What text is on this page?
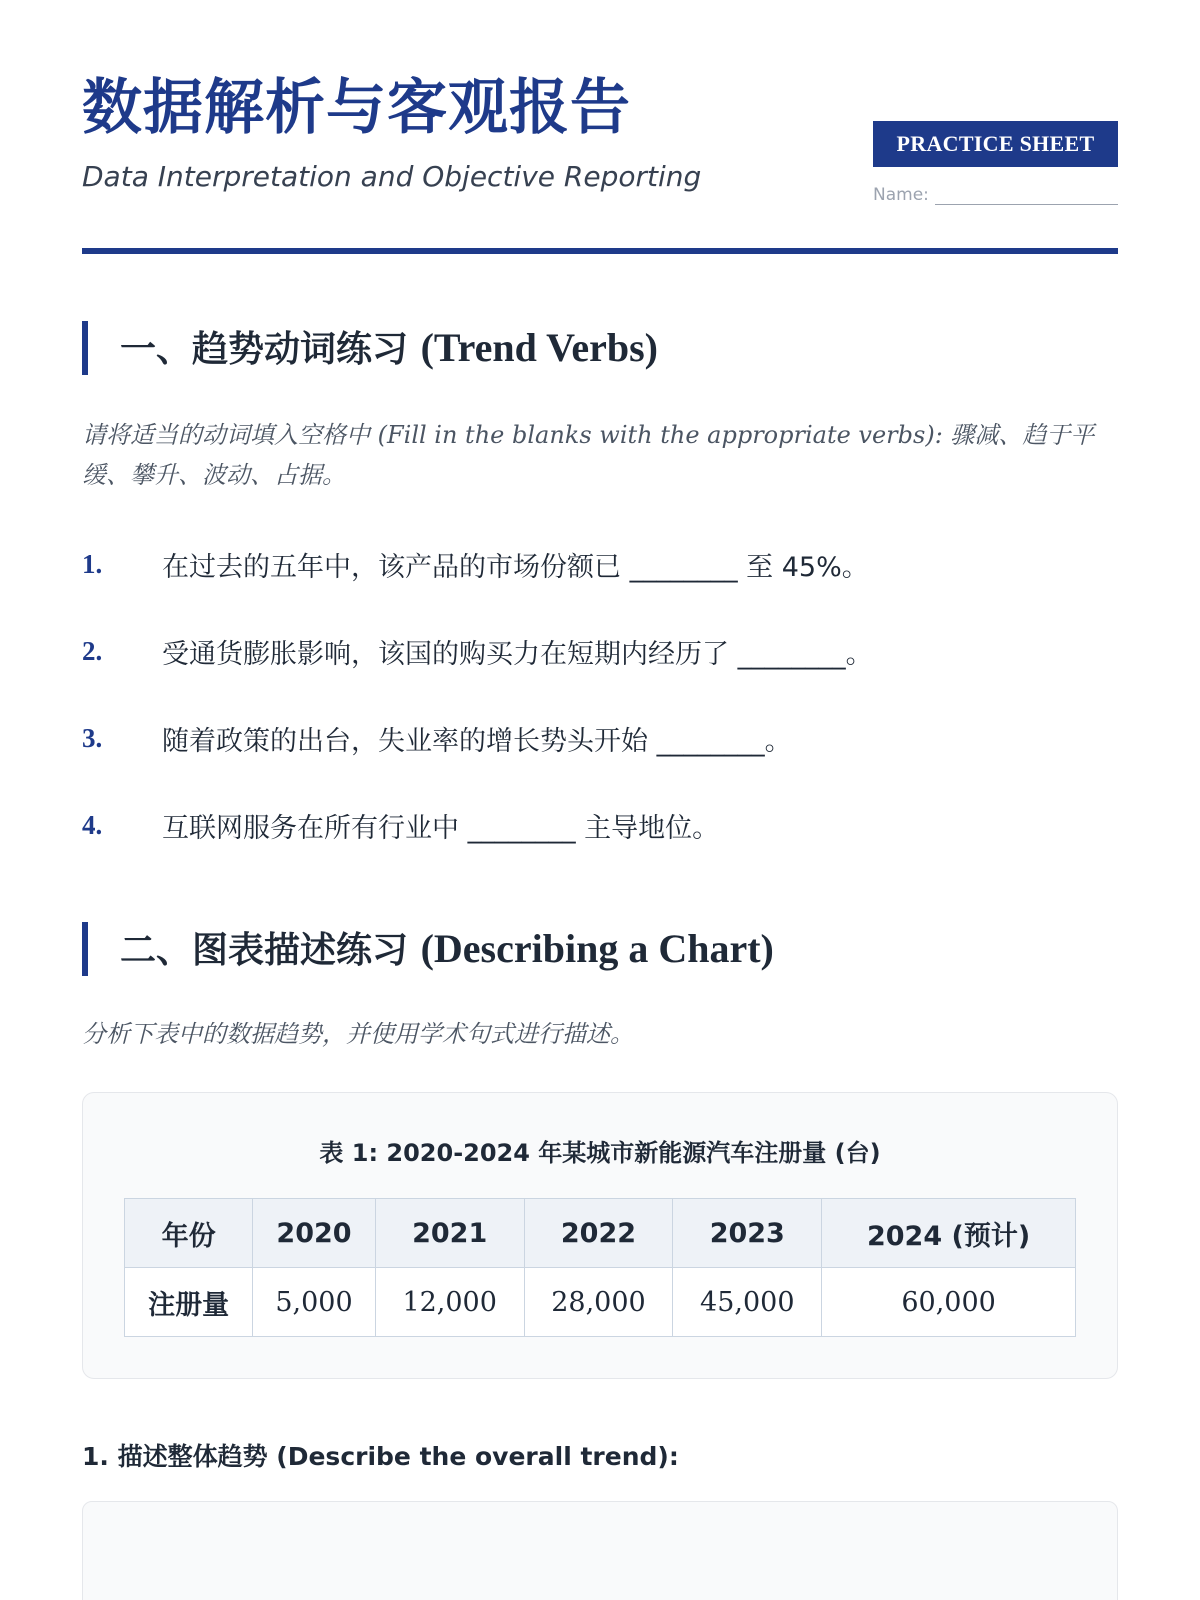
数据解析与客观报告
Data Interpretation and Objective Reporting
PRACTICE SHEET
Name:
一、趋势动词练习 (Trend Verbs)

请将适当的动词填入空格中 (Fill in the blanks with the appropriate verbs): 骤减、趋于平缓、攀升、波动、占据。

1.	在过去的五年中，该产品的市场份额已 ________ 至 45%。
2.	受通货膨胀影响，该国的购买力在短期内经历了 ________。
3.	随着政策的出台，失业率的增长势头开始 ________。
4.	互联网服务在所有行业中 ________ 主导地位。
二、图表描述练习 (Describing a Chart)

分析下表中的数据趋势，并使用学术句式进行描述。

表 1: 2020-2024 年某城市新能源汽车注册量 (台)
年份	2020	2021	2022	2023	2024 (预计)
注册量	5,000	12,000	28,000	45,000	60,000
1. 描述整体趋势 (Describe the overall trend):
